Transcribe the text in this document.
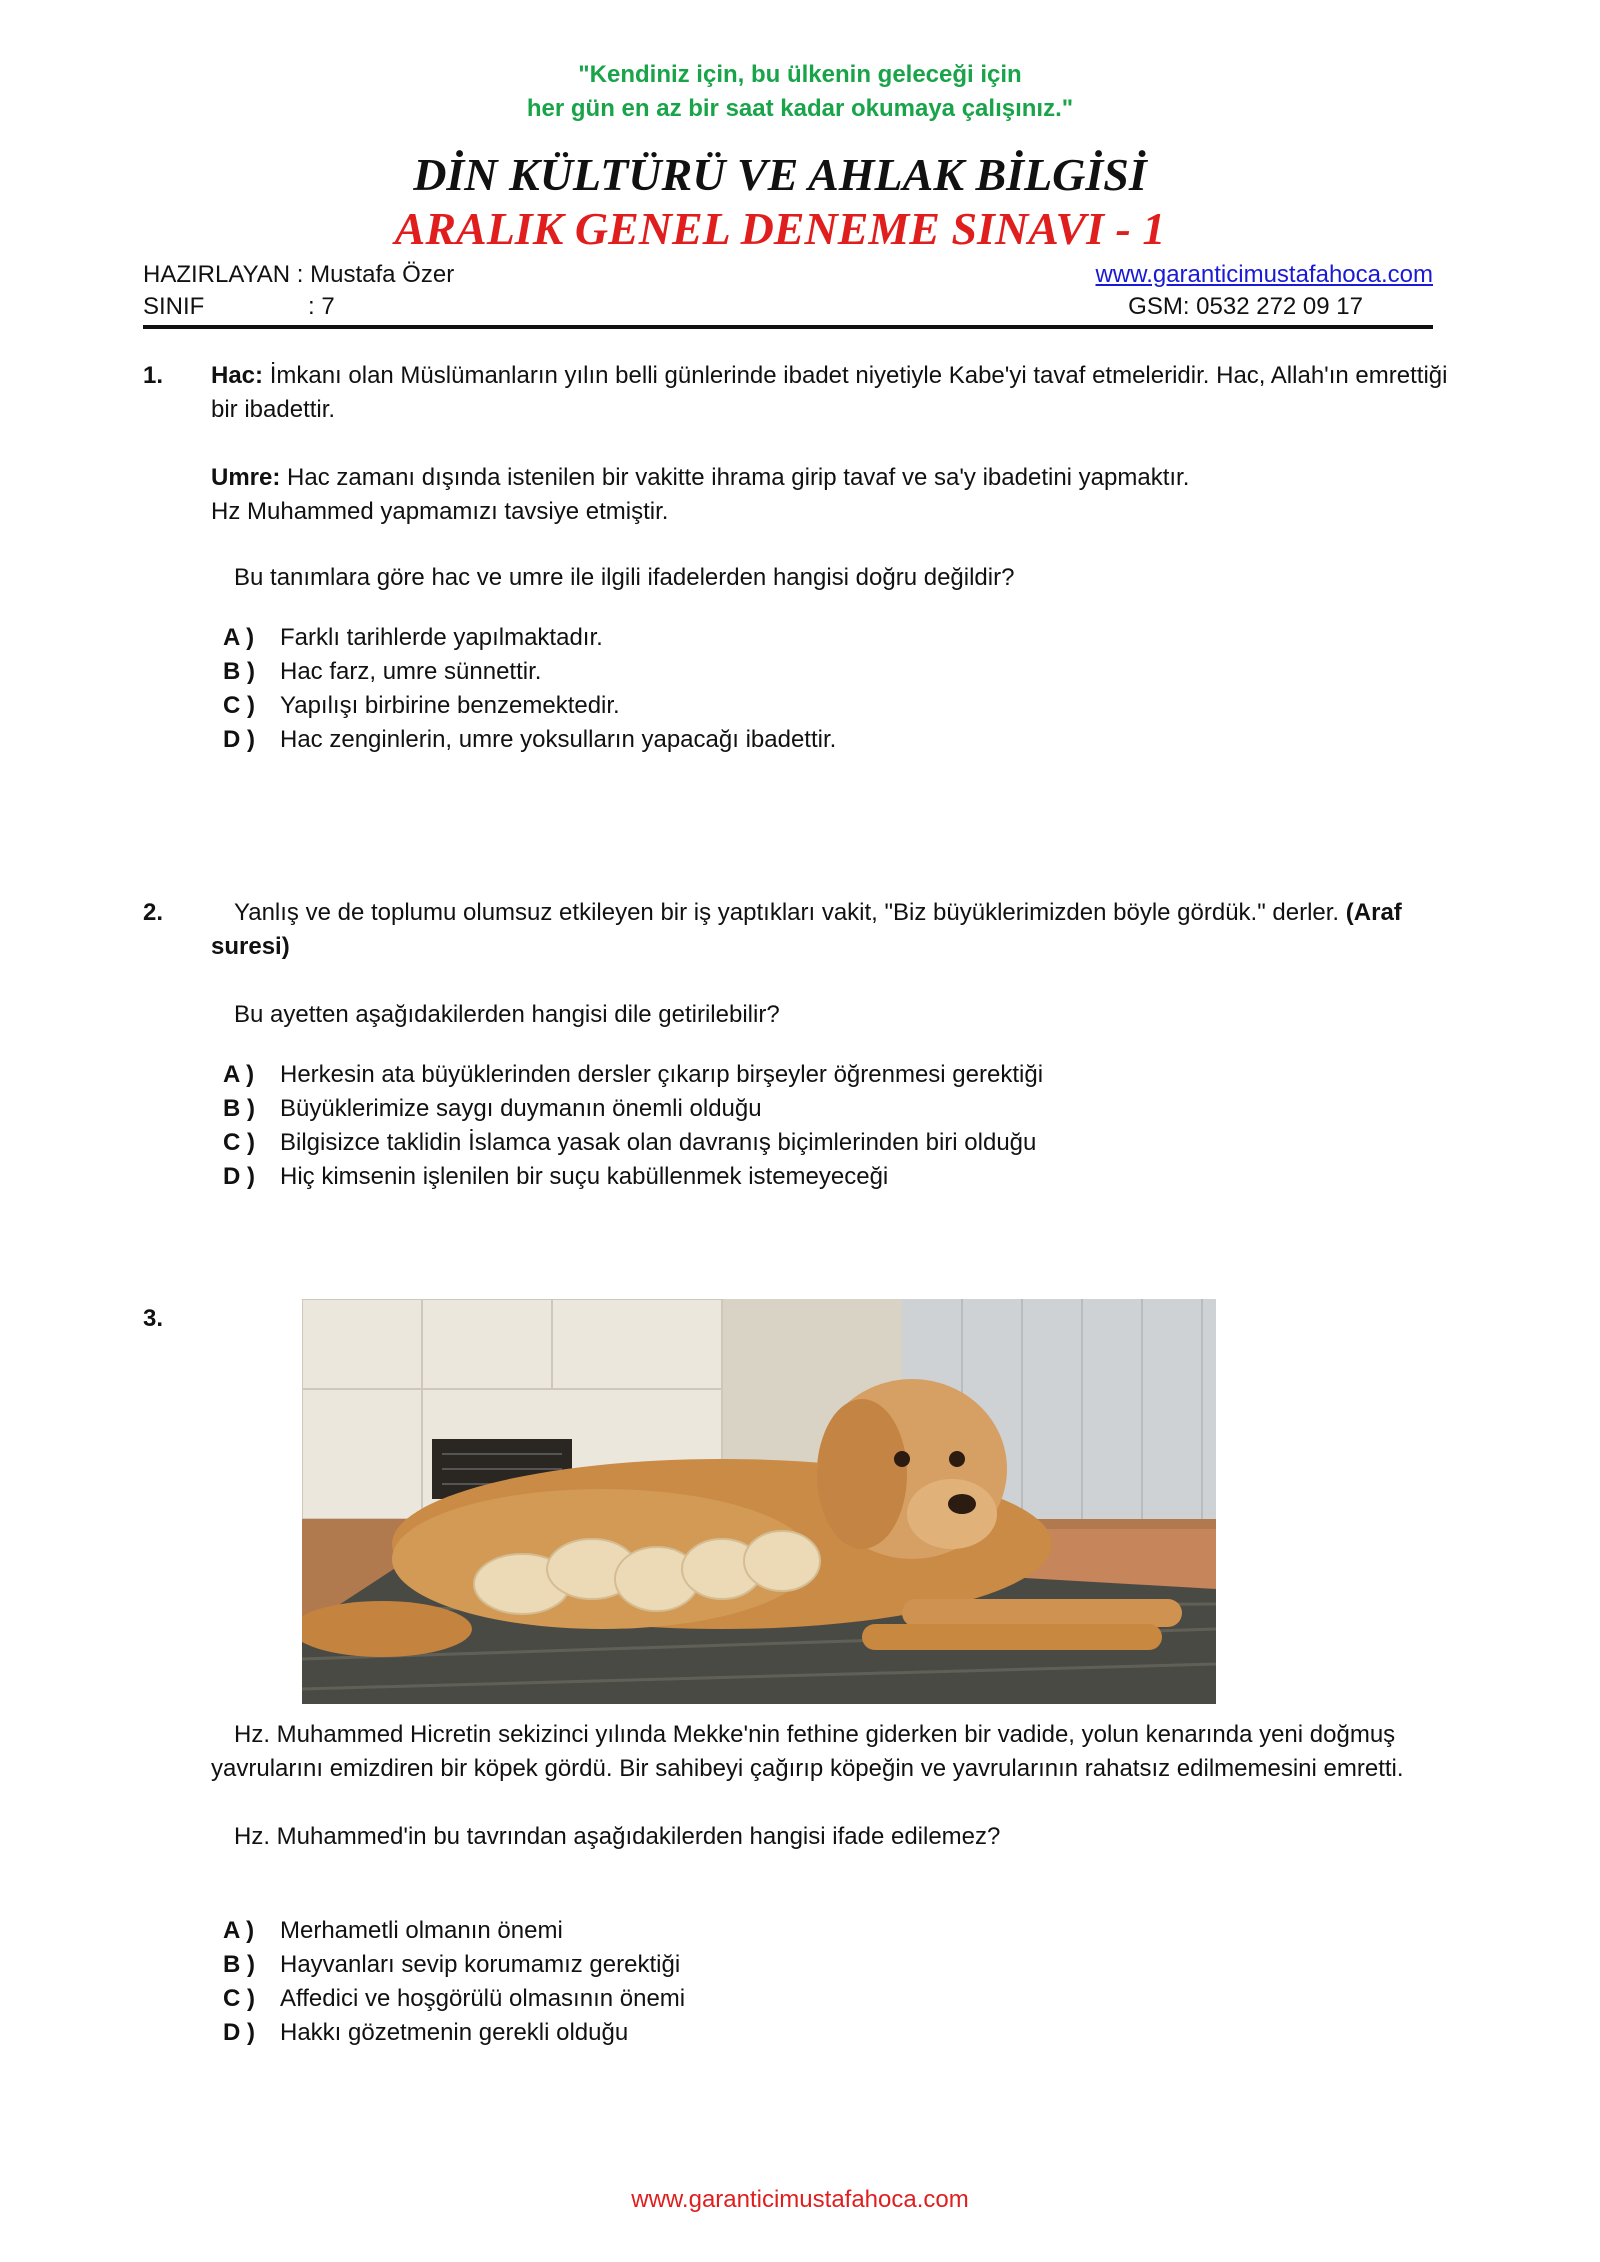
"Kendiniz için, bu ülkenin geleceği için
her gün en az bir saat kadar okumaya çalışınız."
DİN KÜLTÜRÜ VE AHLAK BİLGİSİ
ARALIK GENEL DENEME SINAVI - 1
HAZIRLAYAN : Mustafa Özer	www.garanticimustafahoca.com
SINIF	: 7	GSM: 0532 272 09 17
1. Hac: İmkanı olan Müslümanların yılın belli günlerinde ibadet niyetiyle Kabe'yi tavaf etmeleridir. Hac, Allah'ın emrettiği bir ibadettir.

Umre: Hac zamanı dışında istenilen bir vakitte ihrama girip tavaf ve sa'y ibadetini yapmaktır.

Hz Muhammed yapmamızı tavsiye etmiştir.

Bu tanımlara göre hac ve umre ile ilgili ifadelerden hangisi doğru değildir?

A ) Farklı tarihlerde yapılmaktadır.
B ) Hac farz, umre sünnettir.
C ) Yapılışı birbirine benzemektedir.
D ) Hac zenginlerin, umre yoksulların yapacağı ibadettir.
2.	Yanlış ve de toplumu olumsuz etkileyen bir iş yaptıkları vakit, "Biz büyüklerimizden böyle gördük." derler. (Araf suresi)

Bu ayetten aşağıdakilerden hangisi dile getirilebilir?

A ) Herkesin ata büyüklerinden dersler çıkarıp birşeyler öğrenmesi gerektiği
B ) Büyüklerimize saygı duymanın önemli olduğu
C ) Bilgisizce taklidin İslamca yasak olan davranış biçimlerinden biri olduğu
D ) Hiç kimsenin işlenilen bir suçu kabüllenmek istemeyeceği
3.

Hz. Muhammed Hicretin sekizinci yılında Mekke'nin fethine giderken bir vadide, yolun kenarında yeni doğmuş yavrularını emizdiren bir köpek gördü. Bir sahibeyi çağırıp köpeğin ve yavrularının rahatsız edilmemesini emretti.

Hz. Muhammed'in bu tavrından aşağıdakilerden hangisi ifade edilemez?

A ) Merhametli olmanın önemi
B ) Hayvanları sevip korumamız gerektiği
C ) Affedici ve hoşgörülü olmasının önemi
D ) Hakkı gözetmenin gerekli olduğu
www.garanticimustafahoca.com
